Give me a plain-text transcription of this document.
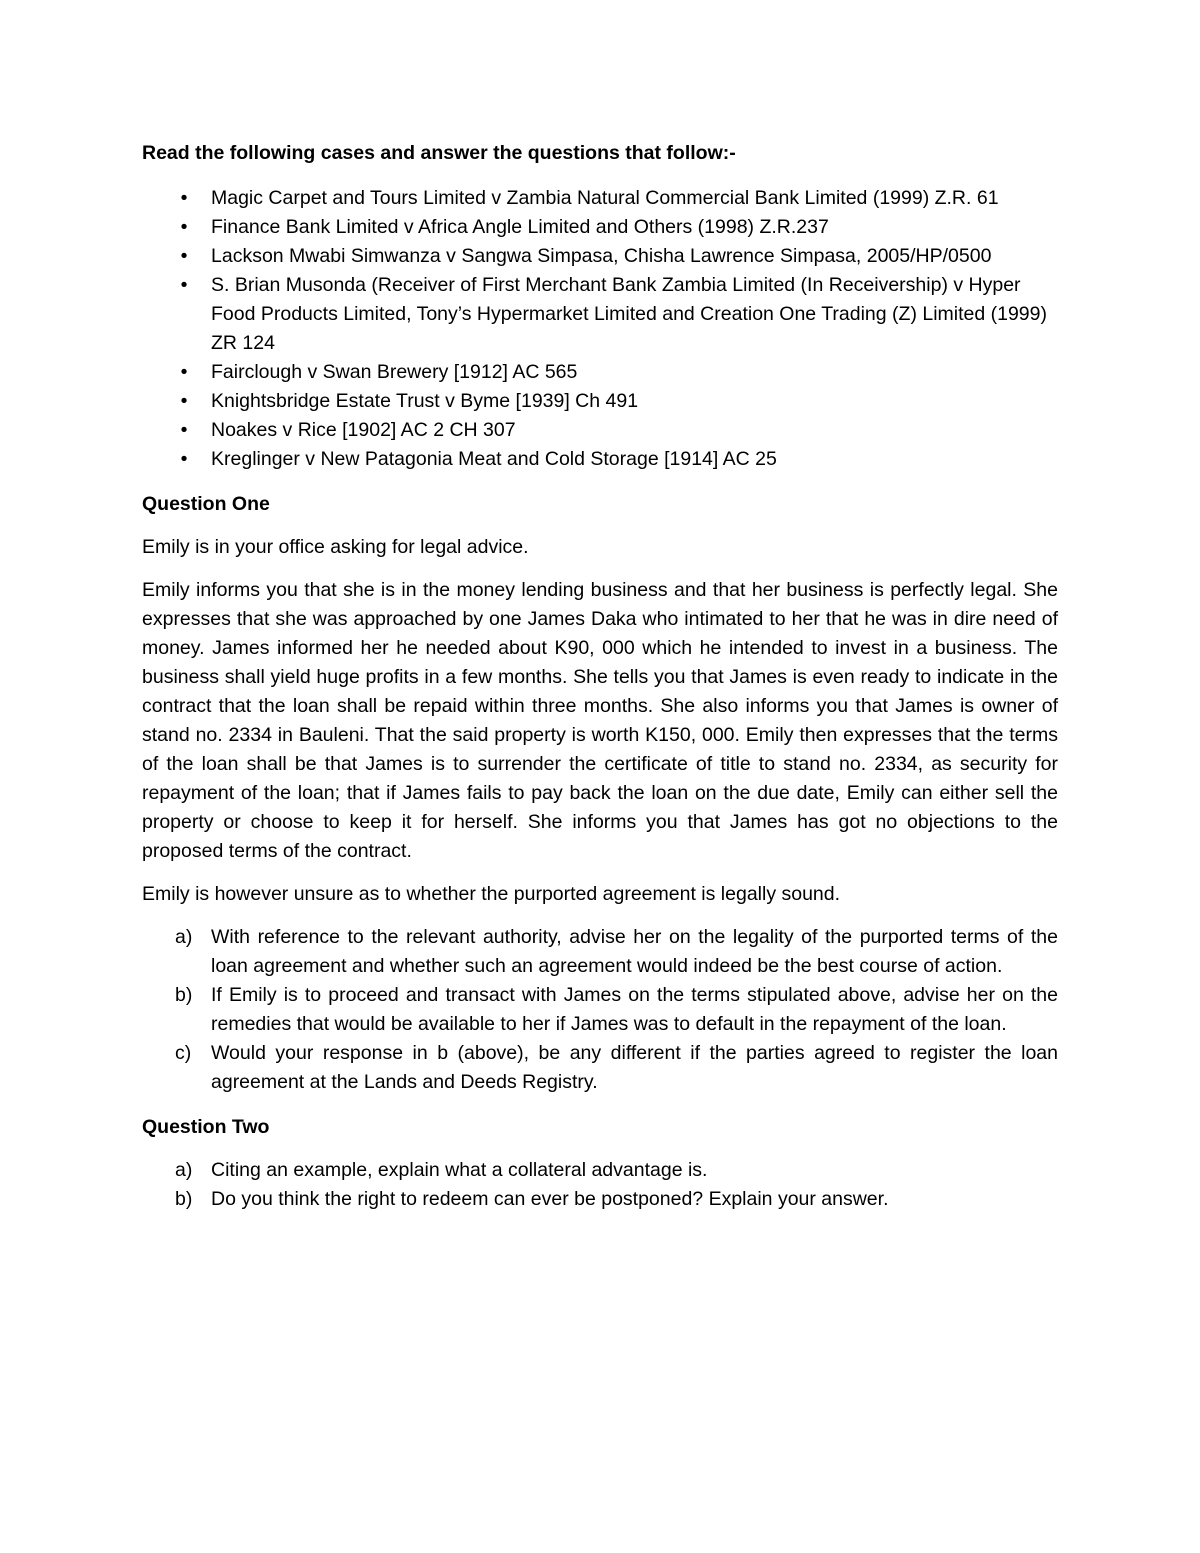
Read the following cases and answer the questions that follow:-

• Magic Carpet and Tours Limited v Zambia Natural Commercial Bank Limited (1999) Z.R. 61
• Finance Bank Limited v Africa Angle Limited and Others (1998) Z.R.237
• Lackson Mwabi Simwanza v Sangwa Simpasa, Chisha Lawrence Simpasa, 2005/HP/0500
• S. Brian Musonda (Receiver of First Merchant Bank Zambia Limited (In Receivership) v Hyper Food Products Limited, Tony’s Hypermarket Limited and Creation One Trading (Z) Limited (1999) ZR 124
• Fairclough v Swan Brewery [1912] AC 565
• Knightsbridge Estate Trust v Byme [1939] Ch 491
• Noakes v Rice [1902] AC 2 CH 307
• Kreglinger v New Patagonia Meat and Cold Storage [1914] AC 25

Question One

Emily is in your office asking for legal advice.

Emily informs you that she is in the money lending business and that her business is perfectly legal. She expresses that she was approached by one James Daka who intimated to her that he was in dire need of money. James informed her he needed about K90, 000 which he intended to invest in a business. The business shall yield huge profits in a few months. She tells you that James is even ready to indicate in the contract that the loan shall be repaid within three months. She also informs you that James is owner of stand no. 2334 in Bauleni. That the said property is worth K150, 000. Emily then expresses that the terms of the loan shall be that James is to surrender the certificate of title to stand no. 2334, as security for repayment of the loan; that if James fails to pay back the loan on the due date, Emily can either sell the property or choose to keep it for herself. She informs you that James has got no objections to the proposed terms of the contract.

Emily is however unsure as to whether the purported agreement is legally sound.

a) With reference to the relevant authority, advise her on the legality of the purported terms of the loan agreement and whether such an agreement would indeed be the best course of action.
b) If Emily is to proceed and transact with James on the terms stipulated above, advise her on the remedies that would be available to her if James was to default in the repayment of the loan.
c) Would your response in b (above), be any different if the parties agreed to register the loan agreement at the Lands and Deeds Registry.

Question Two

a) Citing an example, explain what a collateral advantage is.
b) Do you think the right to redeem can ever be postponed? Explain your answer.
